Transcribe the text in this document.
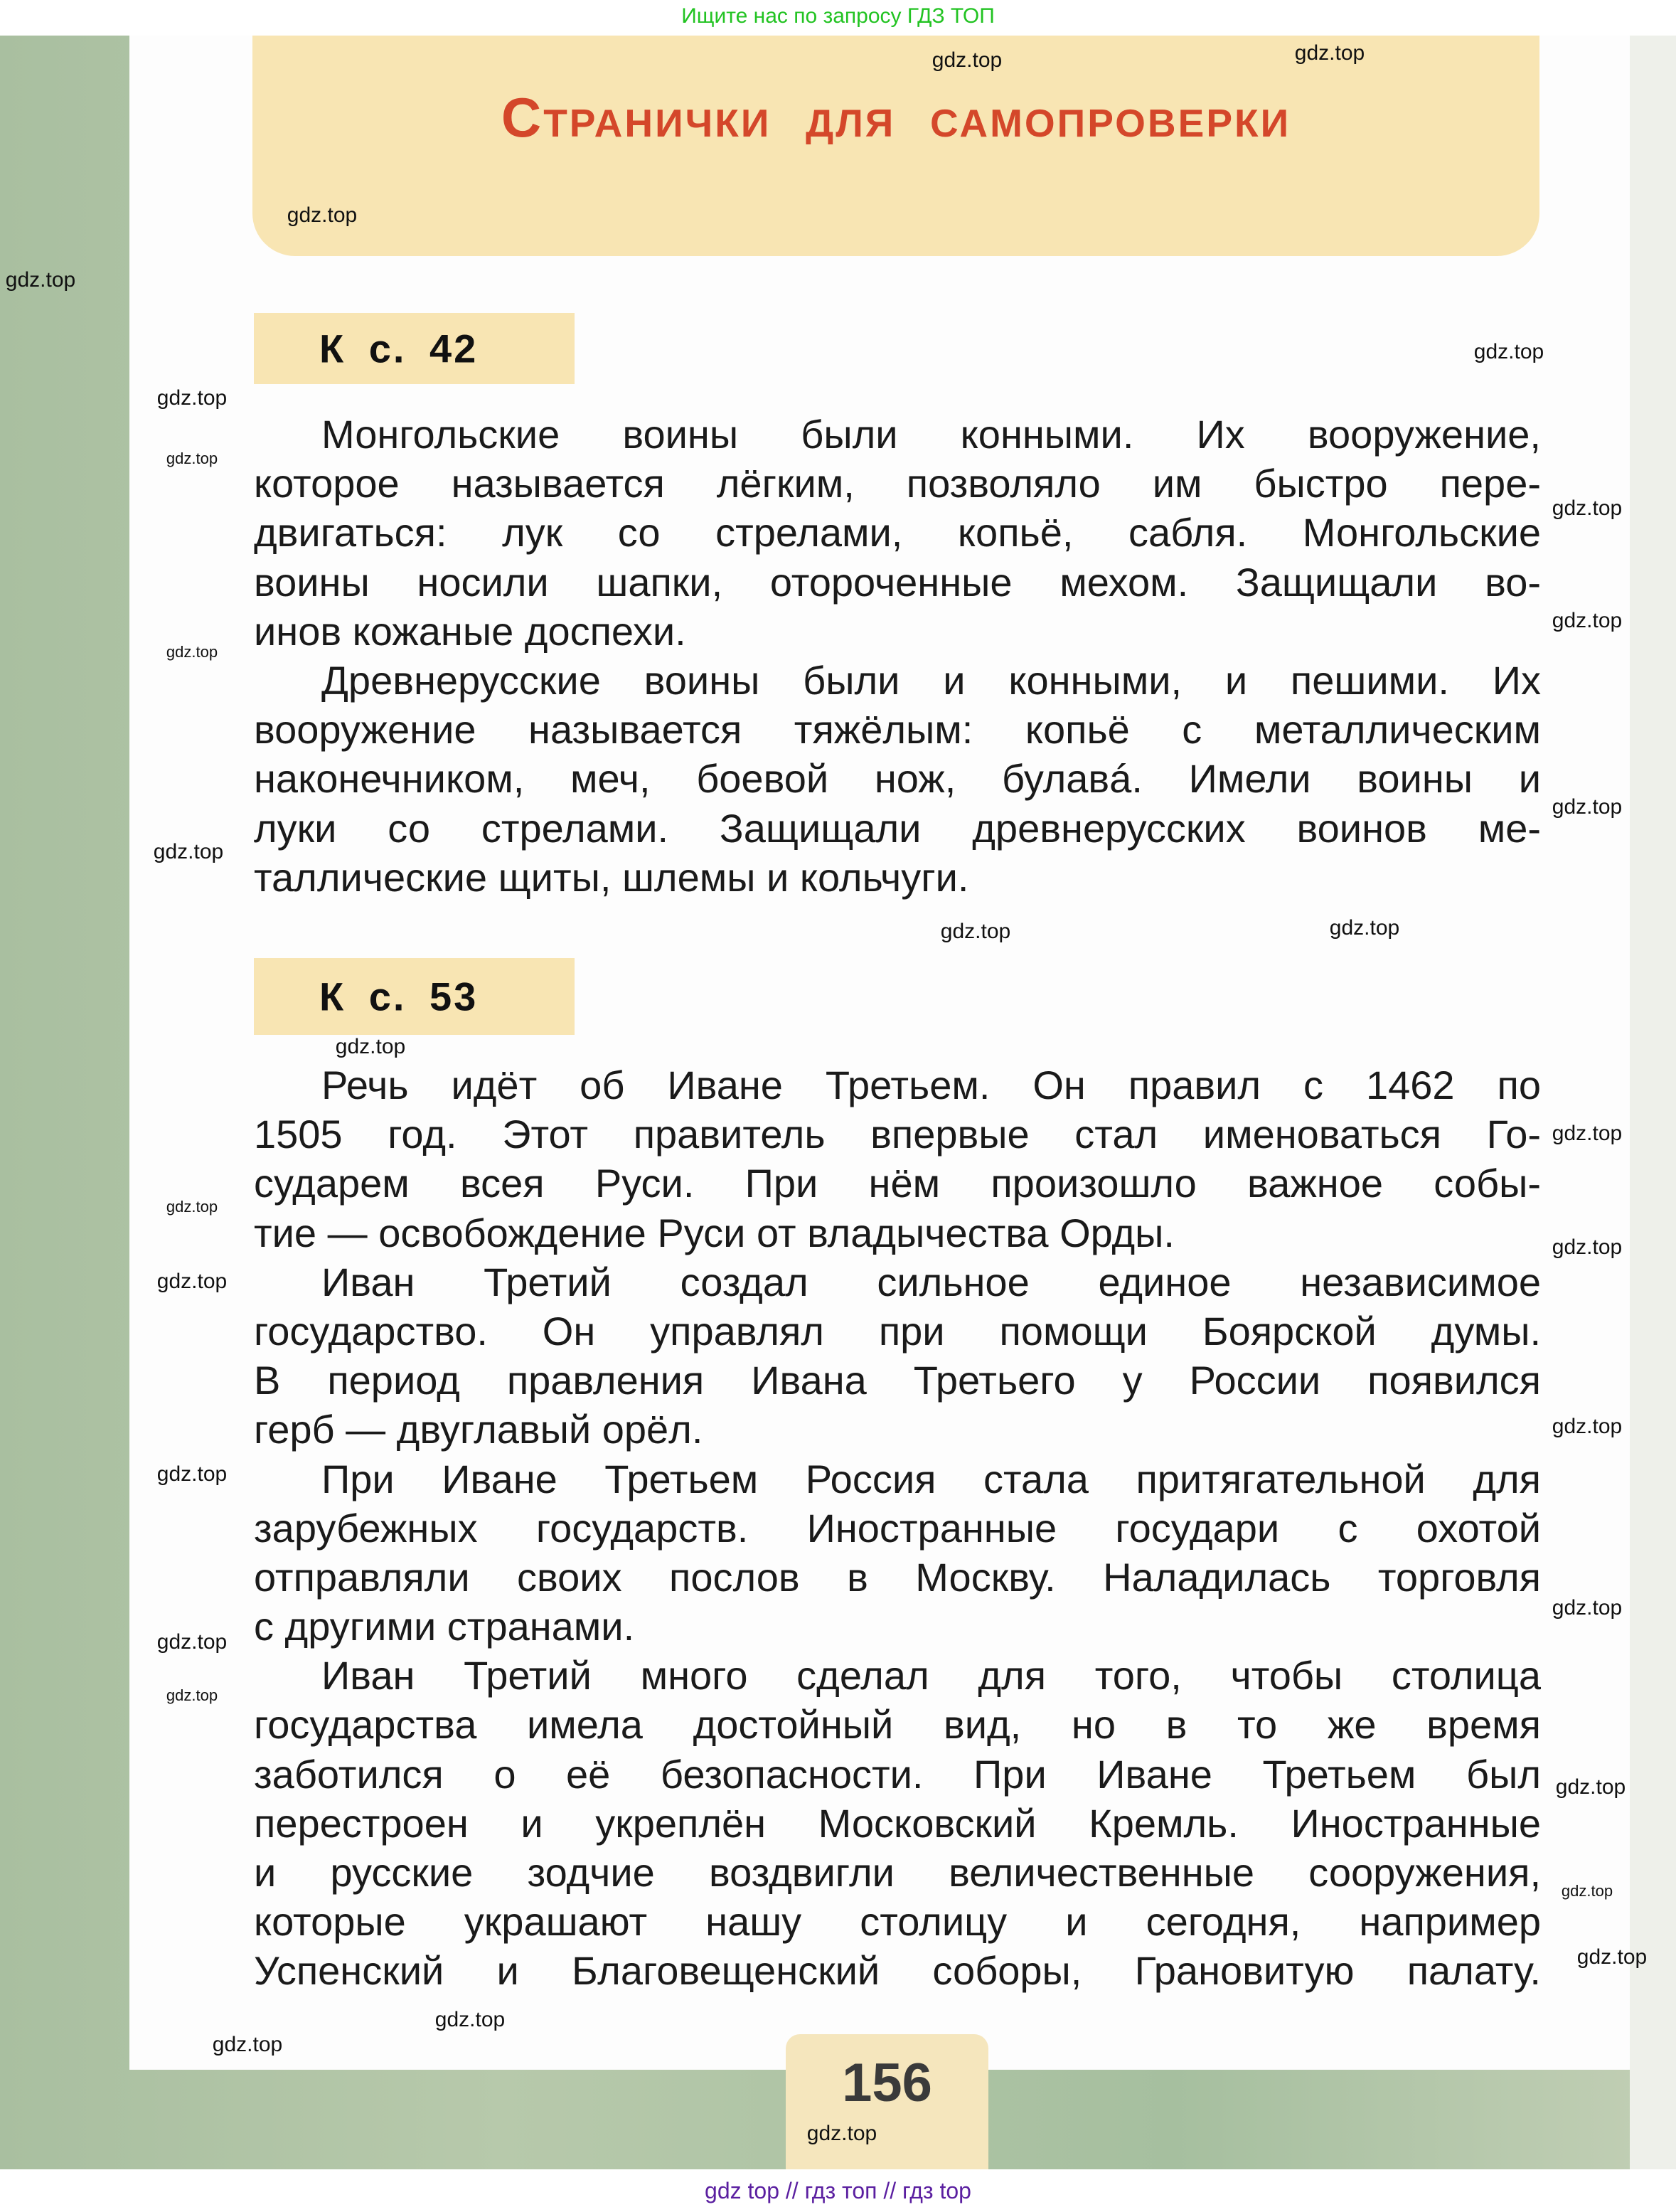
Ищите нас по запросу ГДЗ ТОП
Странички для самопроверки
К с. 42
Монгольские воины были конными. Их вооружение,
которое называется лёгким, позволяло им быстро пере-
двигаться: лук со стрелами, копьё, сабля. Монгольские
воины носили шапки, отороченные мехом. Защищали во-
инов кожаные доспехи.
Древнерусские воины были и конными, и пешими. Их
вооружение называется тяжёлым: копьё с металлическим
наконечником, меч, боевой нож, булавá. Имели воины и
луки со стрелами. Защищали древнерусских воинов ме-
таллические щиты, шлемы и кольчуги.
К с. 53
Речь идёт об Иване Третьем. Он правил с 1462 по
1505 год. Этот правитель впервые стал именоваться Го-
сударем всея Руси. При нём произошло важное собы-
тие — освобождение Руси от владычества Орды.
Иван Третий создал сильное единое независимое
государство. Он управлял при помощи Боярской думы.
В период правления Ивана Третьего у России появился
герб — двуглавый орёл.
При Иване Третьем Россия стала притягательной для
зарубежных государств. Иностранные государи с охотой
отправляли своих послов в Москву. Наладилась торговля
с другими странами.
Иван Третий много сделал для того, чтобы столица
государства имела достойный вид, но в то же время
заботился о её безопасности. При Иване Третьем был
перестроен и укреплён Московский Кремль. Иностранные
и русские зодчие воздвигли величественные сооружения,
которые украшают нашу столицу и сегодня, например
Успенский и Благовещенский соборы, Грановитую палату.
156
gdz.top
gdz.top
gdz.top
gdz.top
gdz.top
gdz.top
gdz.top
gdz.top
gdz.top
gdz.top
gdz.top
gdz.top
gdz.top
gdz.top
gdz.top
gdz.top
gdz.top
gdz.top
gdz.top
gdz.top
gdz.top
gdz.top
gdz.top
gdz.top
gdz.top
gdz.top
gdz.top
gdz.top
gdz.top
gdz.top
gdz top // гдз топ // гдз top
